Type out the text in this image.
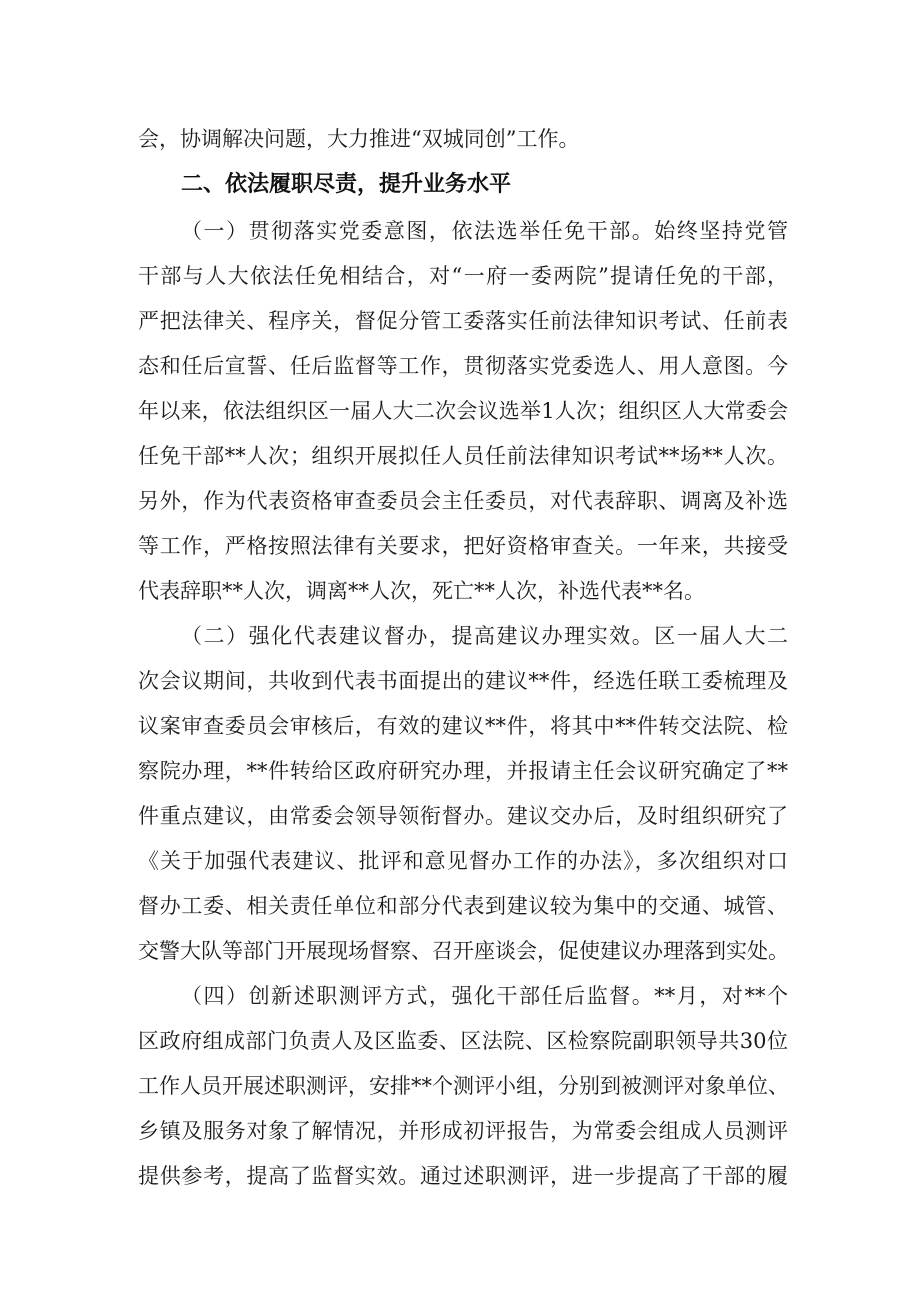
会，协调解决问题，大力推进“双城同创”工作。
二、依法履职尽责，提升业务水平
（一）贯彻落实党委意图，依法选举任免干部。始终坚持党管
干部与人大依法任免相结合，对“一府一委两院”提请任免的干部，
严把法律关、程序关，督促分管工委落实任前法律知识考试、任前表
态和任后宣誓、任后监督等工作，贯彻落实党委选人、用人意图。今
年以来，依法组织区一届人大二次会议选举1人次；组织区人大常委会
任免干部**人次；组织开展拟任人员任前法律知识考试**场**人次。
另外，作为代表资格审查委员会主任委员，对代表辞职、调离及补选
等工作，严格按照法律有关要求，把好资格审查关。一年来，共接受
代表辞职**人次，调离**人次，死亡**人次，补选代表**名。
（二）强化代表建议督办，提高建议办理实效。区一届人大二
次会议期间，共收到代表书面提出的建议**件，经选任联工委梳理及
议案审查委员会审核后，有效的建议**件，将其中**件转交法院、检
察院办理，**件转给区政府研究办理，并报请主任会议研究确定了**
件重点建议，由常委会领导领衔督办。建议交办后，及时组织研究了
《关于加强代表建议、批评和意见督办工作的办法》，多次组织对口
督办工委、相关责任单位和部分代表到建议较为集中的交通、城管、
交警大队等部门开展现场督察、召开座谈会，促使建议办理落到实处。
（四）创新述职测评方式，强化干部任后监督。**月，对**个
区政府组成部门负责人及区监委、区法院、区检察院副职领导共30位
工作人员开展述职测评，安排**个测评小组，分别到被测评对象单位、
乡镇及服务对象了解情况，并形成初评报告，为常委会组成人员测评
提供参考，提高了监督实效。通过述职测评，进一步提高了干部的履
